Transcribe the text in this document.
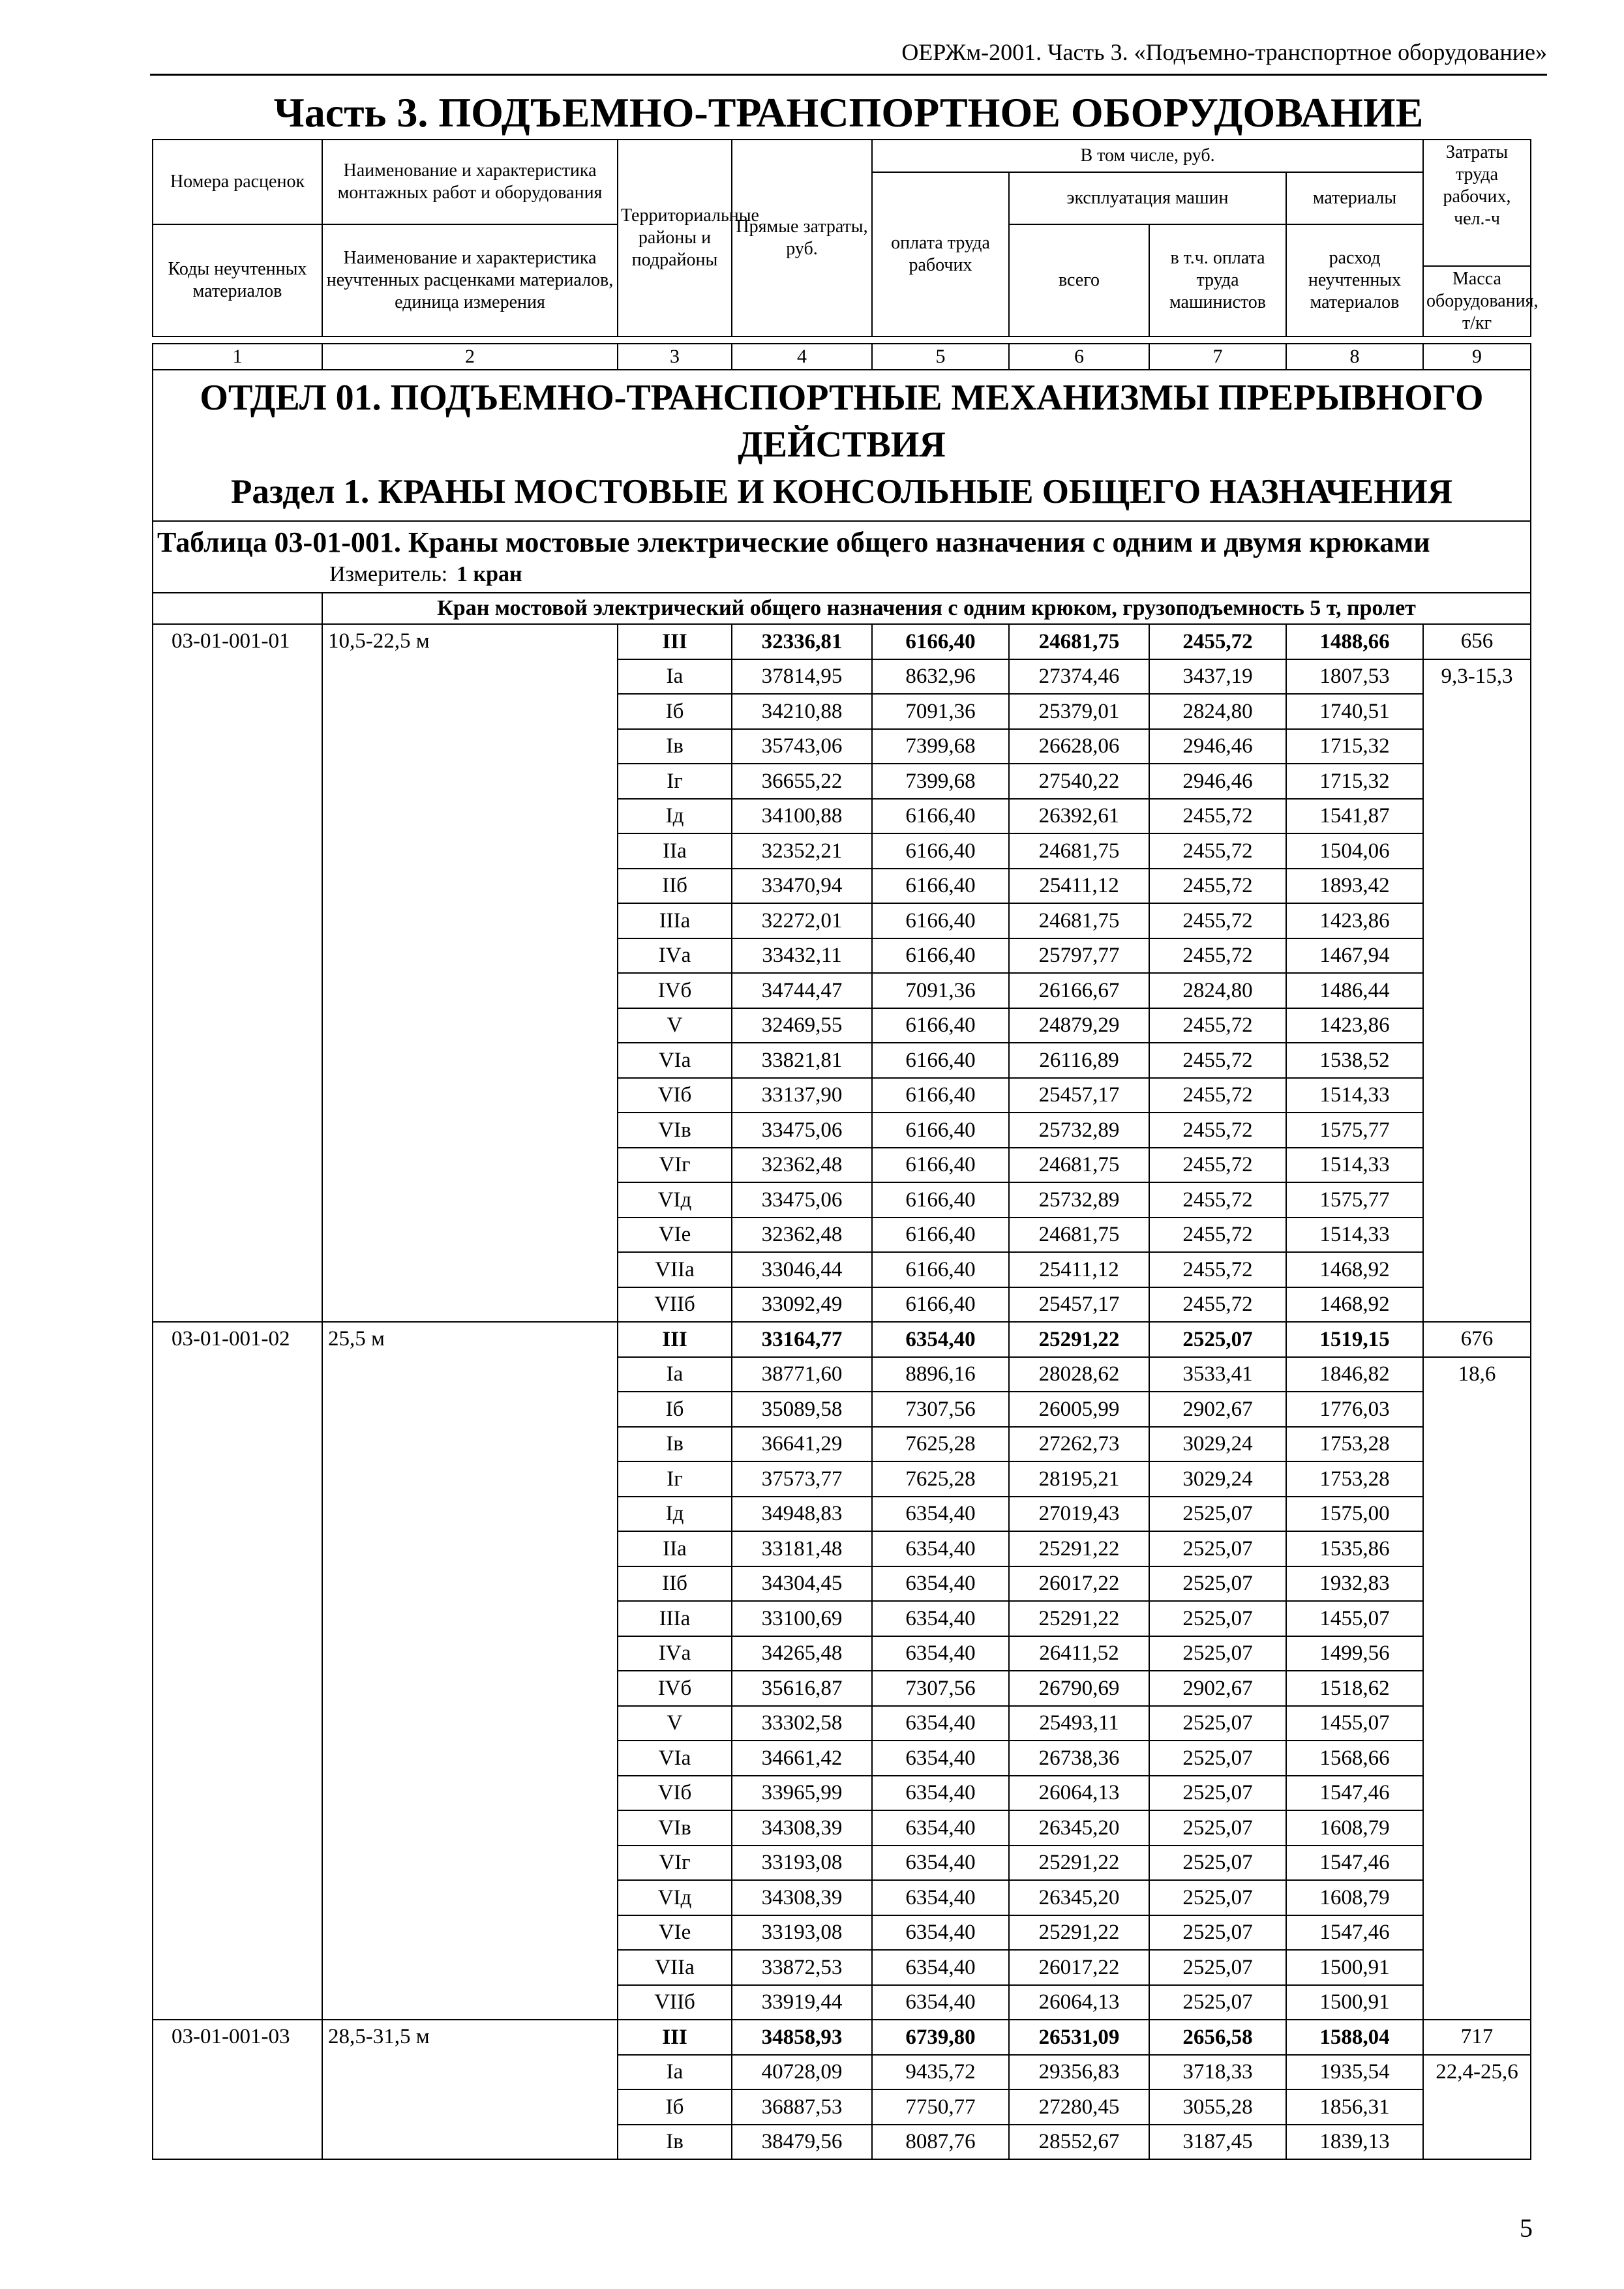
ОЕРЖм-2001. Часть 3. «Подъемно-транспортное оборудование»
Часть 3. ПОДЪЕМНО-ТРАНСПОРТНОЕ ОБОРУДОВАНИЕ
Номера расценок	Наименование и характеристика монтажных работ и оборудования	Территориальные районы и подрайоны	Прямые затраты, руб.	В том числе, руб.				Затраты труда рабочих, чел.-ч
				оплата труда рабочих	эксплуатация машин		материалы	
Коды неучтенных материалов	Наименование и характеристика неучтенных расценками материалов, единица измерения				всего	в т.ч. оплата труда машинистов	расход неучтенных материалов	
								Масса оборудования, т/кг

1	2	3	4	5	6	7	8	9

ОТДЕЛ 01. ПОДЪЕМНО-ТРАНСПОРТНЫЕ МЕХАНИЗМЫ ПРЕРЫВНОГО ДЕЙСТВИЯ
Раздел 1. КРАНЫ МОСТОВЫЕ И КОНСОЛЬНЫЕ ОБЩЕГО НАЗНАЧЕНИЯ								

Таблица 03-01-001. Краны мостовые электрические общего назначения с одним и двумя крюками
Измеритель: 1 кран								

	Кран мостовой электрический общего назначения с одним крюком, грузоподъемность 5 т, пролет							
03-01-001-01	10,5-22,5 м	III	32336,81	6166,40	24681,75	2455,72	1488,66	656
		Iа	37814,95	8632,96	27374,46	3437,19	1807,53	9,3-15,3
		Iб	34210,88	7091,36	25379,01	2824,80	1740,51	
		Iв	35743,06	7399,68	26628,06	2946,46	1715,32	
		Iг	36655,22	7399,68	27540,22	2946,46	1715,32	
		Iд	34100,88	6166,40	26392,61	2455,72	1541,87	
		IIа	32352,21	6166,40	24681,75	2455,72	1504,06	
		IIб	33470,94	6166,40	25411,12	2455,72	1893,42	
		IIIа	32272,01	6166,40	24681,75	2455,72	1423,86	
		IVа	33432,11	6166,40	25797,77	2455,72	1467,94	
		IVб	34744,47	7091,36	26166,67	2824,80	1486,44	
		V	32469,55	6166,40	24879,29	2455,72	1423,86	
		VIа	33821,81	6166,40	26116,89	2455,72	1538,52	
		VIб	33137,90	6166,40	25457,17	2455,72	1514,33	
		VIв	33475,06	6166,40	25732,89	2455,72	1575,77	
		VIг	32362,48	6166,40	24681,75	2455,72	1514,33	
		VIд	33475,06	6166,40	25732,89	2455,72	1575,77	
		VIе	32362,48	6166,40	24681,75	2455,72	1514,33	
		VIIа	33046,44	6166,40	25411,12	2455,72	1468,92	
		VIIб	33092,49	6166,40	25457,17	2455,72	1468,92	
03-01-001-02	25,5 м	III	33164,77	6354,40	25291,22	2525,07	1519,15	676
		Iа	38771,60	8896,16	28028,62	3533,41	1846,82	18,6
		Iб	35089,58	7307,56	26005,99	2902,67	1776,03	
		Iв	36641,29	7625,28	27262,73	3029,24	1753,28	
		Iг	37573,77	7625,28	28195,21	3029,24	1753,28	
		Iд	34948,83	6354,40	27019,43	2525,07	1575,00	
		IIа	33181,48	6354,40	25291,22	2525,07	1535,86	
		IIб	34304,45	6354,40	26017,22	2525,07	1932,83	
		IIIа	33100,69	6354,40	25291,22	2525,07	1455,07	
		IVа	34265,48	6354,40	26411,52	2525,07	1499,56	
		IVб	35616,87	7307,56	26790,69	2902,67	1518,62	
		V	33302,58	6354,40	25493,11	2525,07	1455,07	
		VIа	34661,42	6354,40	26738,36	2525,07	1568,66	
		VIб	33965,99	6354,40	26064,13	2525,07	1547,46	
		VIв	34308,39	6354,40	26345,20	2525,07	1608,79	
		VIг	33193,08	6354,40	25291,22	2525,07	1547,46	
		VIд	34308,39	6354,40	26345,20	2525,07	1608,79	
		VIе	33193,08	6354,40	25291,22	2525,07	1547,46	
		VIIа	33872,53	6354,40	26017,22	2525,07	1500,91	
		VIIб	33919,44	6354,40	26064,13	2525,07	1500,91	
03-01-001-03	28,5-31,5 м	III	34858,93	6739,80	26531,09	2656,58	1588,04	717
		Iа	40728,09	9435,72	29356,83	3718,33	1935,54	22,4-25,6
		Iб	36887,53	7750,77	27280,45	3055,28	1856,31	
		Iв	38479,56	8087,76	28552,67	3187,45	1839,13	
5
